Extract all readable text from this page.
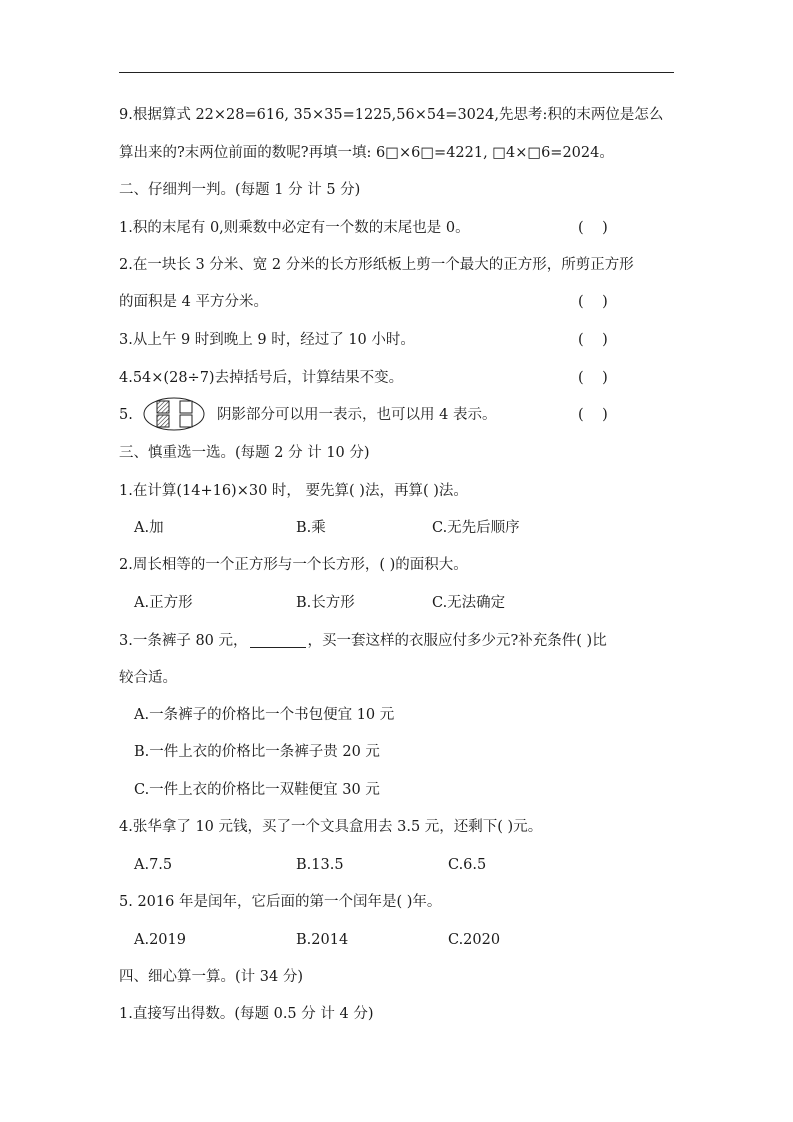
9.根据算式 22×28=616, 35×35=1225,56×54=3024,先思考:积的末两位是怎么
算出来的?末两位前面的数呢?再填一填: 6□×6□=4221, □4×□6=2024。
二、仔细判一判。(每题 1 分 计 5 分)
1.积的末尾有 0,则乘数中必定有一个数的末尾也是 0。	(    )
2.在一块长 3 分米、宽 2 分米的长方形纸板上剪一个最大的正方形，所剪正方形
的面积是 4 平方分米。	(    )
3.从上午 9 时到晚上 9 时，经过了 10 小时。	(    )
4.54×(28÷7)去掉括号后，计算结果不变。	(    )
5.	阴影部分可以用一表示，也可以用 4 表示。	(    )
三、慎重选一选。(每题 2 分 计 10 分)
1.在计算(14+16)×30 时， 要先算( )法，再算( )法。
A.加	B.乘	C.无先后顺序
2.周长相等的一个正方形与一个长方形，( )的面积大。
A.正方形	B.长方形	C.无法确定
3.一条裤子 80 元，	，买一套这样的衣服应付多少元?补充条件( )比
较合适。
A.一条裤子的价格比一个书包便宜 10 元
B.一件上衣的价格比一条裤子贵 20 元
C.一件上衣的价格比一双鞋便宜 30 元
4.张华拿了 10 元钱，买了一个文具盒用去 3.5 元，还剩下( )元。
A.7.5	B.13.5	C.6.5
5. 2016 年是闰年，它后面的第一个闰年是( )年。
A.2019	B.2014	C.2020
四、细心算一算。(计 34 分)
1.直接写出得数。(每题 0.5 分 计 4 分)
